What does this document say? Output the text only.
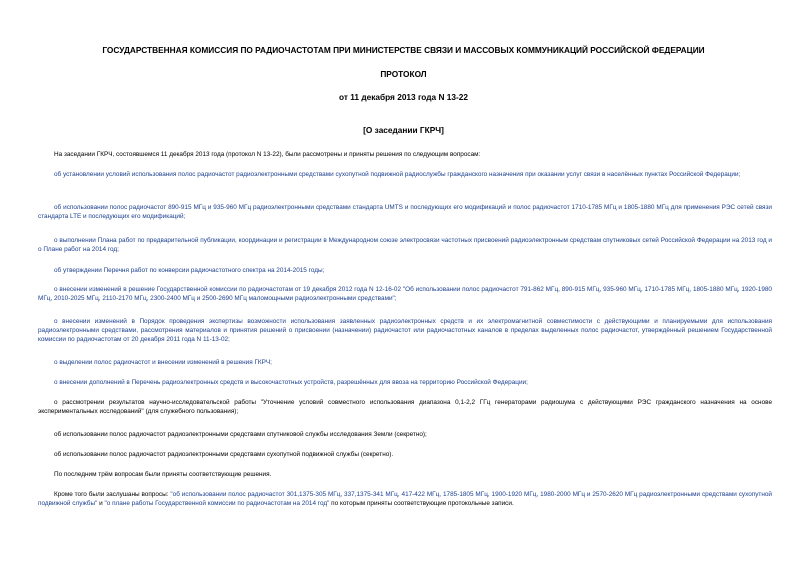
ГОСУДАРСТВЕННАЯ КОМИССИЯ ПО РАДИОЧАСТОТАМ ПРИ МИНИСТЕРСТВЕ СВЯЗИ И МАССОВЫХ КОММУНИКАЦИЙ РОССИЙСКОЙ ФЕДЕРАЦИИ
ПРОТОКОЛ
от 11 декабря 2013 года N 13-22
[О заседании ГКРЧ]
На заседании ГКРЧ, состоявшемся 11 декабря 2013 года (протокол N 13-22), были рассмотрены и приняты решения по следующим вопросам:
об установлении условий использования полос радиочастот радиоэлектронными средствами сухопутной подвижной радиослужбы гражданского назначения при оказании услуг связи в населённых пунктах Российской Федерации;
об использовании полос радиочастот 890-915 МГц и 935-960 МГц радиоэлектронными средствами стандарта UMTS и последующих его модификаций и полос радиочастот 1710-1785 МГц и 1805-1880 МГц для применения РЭС сетей связи стандарта LTE и последующих его модификаций;
о выполнении Плана работ по предварительной публикации, координации и регистрации в Международном союзе электросвязи частотных присвоений радиоэлектронным средствам спутниковых сетей Российской Федерации на 2013 год и о Плане работ на 2014 год;
об утверждении Перечня работ по конверсии радиочастотного спектра на 2014-2015 годы;
о внесении изменений в решение Государственной комиссии по радиочастотам от 19 декабря 2012 года N 12-16-02 "Об использовании полос радиочастот 791-862 МГц, 890-915 МГц, 935-960 МГц, 1710-1785 МГц, 1805-1880 МГц, 1920-1980 МГц, 2010-2025 МГц, 2110-2170 МГц, 2300-2400 МГц и 2500-2690 МГц маломощными радиоэлектронными средствами";
о внесении изменений в Порядок проведения экспертизы возможности использования заявленных радиоэлектронных средств и их электромагнитной совместимости с действующими и планируемыми для использования радиоэлектронными средствами, рассмотрения материалов и принятия решений о присвоении (назначении) радиочастот или радиочастотных каналов в пределах выделенных полос радиочастот, утверждённый решением Государственной комиссии по радиочастотам от 20 декабря 2011 года N 11-13-02;
о выделении полос радиочастот и внесении изменений в решения ГКРЧ;
о внесении дополнений в Перечень радиоэлектронных средств и высокочастотных устройств, разрешённых для ввоза на территорию Российской Федерации;
о рассмотрении результатов научно-исследовательской работы "Уточнение условий совместного использования диапазона 0,1-2,2 ГГц генераторами радиошума с действующими РЭС гражданского назначения на основе экспериментальных исследований" (для служебного пользования);
об использовании полос радиочастот радиоэлектронными средствами спутниковой службы исследования Земли (секретно);
об использовании полос радиочастот радиоэлектронными средствами сухопутной подвижной службы (секретно).
По последним трём вопросам были приняты соответствующие решения.
Кроме того были заслушаны вопросы: "об использовании полос радиочастот 301,1375-305 МГц, 337,1375-341 МГц, 417-422 МГц, 1785-1805 МГц, 1900-1920 МГц, 1980-2000 МГц и 2570-2620 МГц радиоэлектронными средствами сухопутной подвижной службы" и "о плане работы Государственной комиссии по радиочастотам на 2014 год" по которым приняты соответствующие протокольные записи.
